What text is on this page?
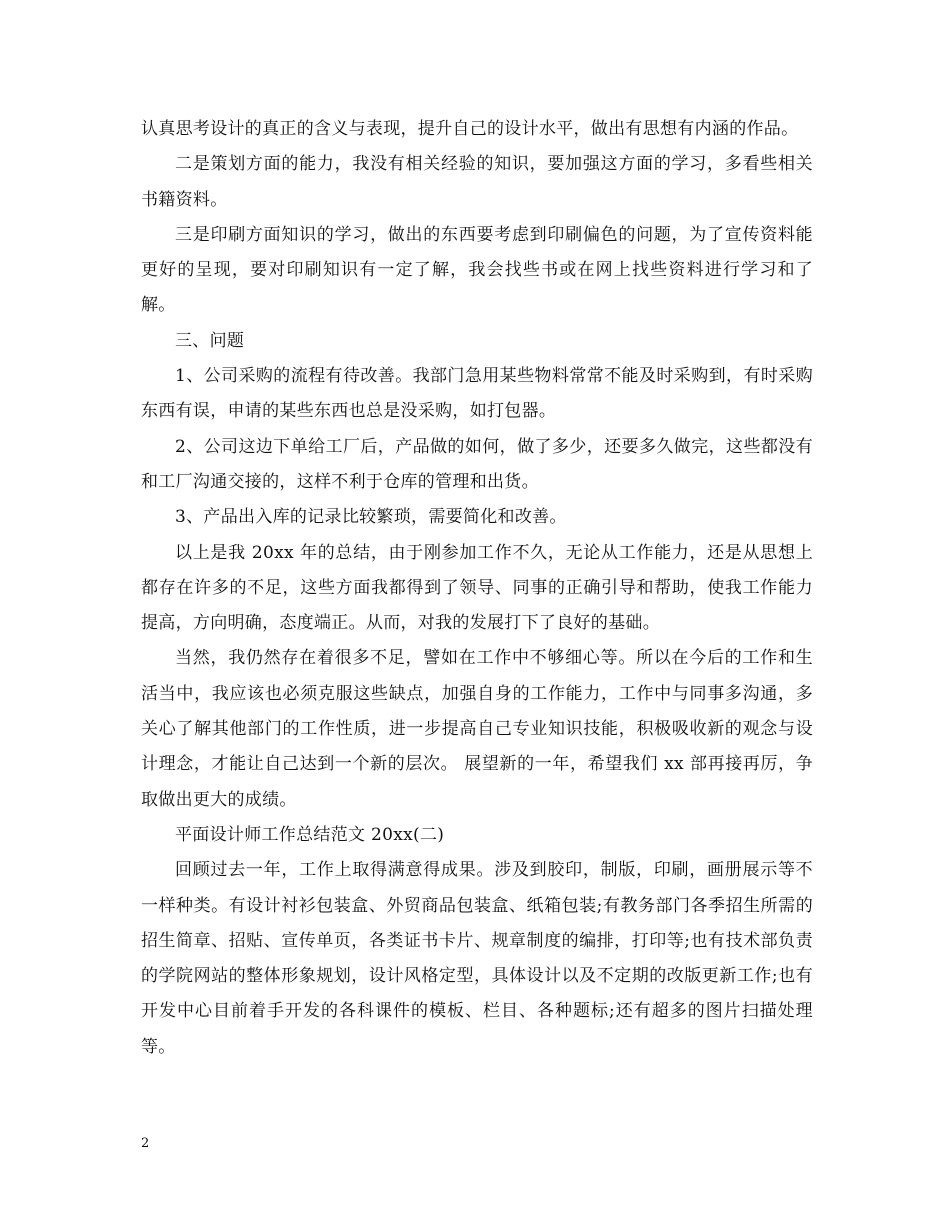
认真思考设计的真正的含义与表现，提升自己的设计水平，做出有思想有内涵的作品。

二是策划方面的能力，我没有相关经验的知识，要加强这方面的学习，多看些相关书籍资料。

三是印刷方面知识的学习，做出的东西要考虑到印刷偏色的问题，为了宣传资料能更好的呈现，要对印刷知识有一定了解，我会找些书或在网上找些资料进行学习和了解。

三、问题

1、公司采购的流程有待改善。我部门急用某些物料常常不能及时采购到，有时采购东西有误，申请的某些东西也总是没采购，如打包器。

2、公司这边下单给工厂后，产品做的如何，做了多少，还要多久做完，这些都没有和工厂沟通交接的，这样不利于仓库的管理和出货。

3、产品出入库的记录比较繁琐，需要简化和改善。

以上是我 20xx 年的总结，由于刚参加工作不久，无论从工作能力，还是从思想上都存在许多的不足，这些方面我都得到了领导、同事的正确引导和帮助，使我工作能力提高，方向明确，态度端正。从而，对我的发展打下了良好的基础。

当然，我仍然存在着很多不足，譬如在工作中不够细心等。所以在今后的工作和生活当中，我应该也必须克服这些缺点，加强自身的工作能力，工作中与同事多沟通，多关心了解其他部门的工作性质，进一步提高自己专业知识技能，积极吸收新的观念与设计理念，才能让自己达到一个新的层次。 展望新的一年，希望我们 xx 部再接再厉，争取做出更大的成绩。

平面设计师工作总结范文 20xx(二)

回顾过去一年，工作上取得满意得成果。涉及到胶印，制版，印刷，画册展示等不一样种类。有设计衬衫包装盒、外贸商品包装盒、纸箱包装;有教务部门各季招生所需的招生简章、招贴、宣传单页，各类证书卡片、规章制度的编排，打印等;也有技术部负责的学院网站的整体形象规划，设计风格定型，具体设计以及不定期的改版更新工作;也有开发中心目前着手开发的各科课件的模板、栏目、各种题标;还有超多的图片扫描处理等。

2
